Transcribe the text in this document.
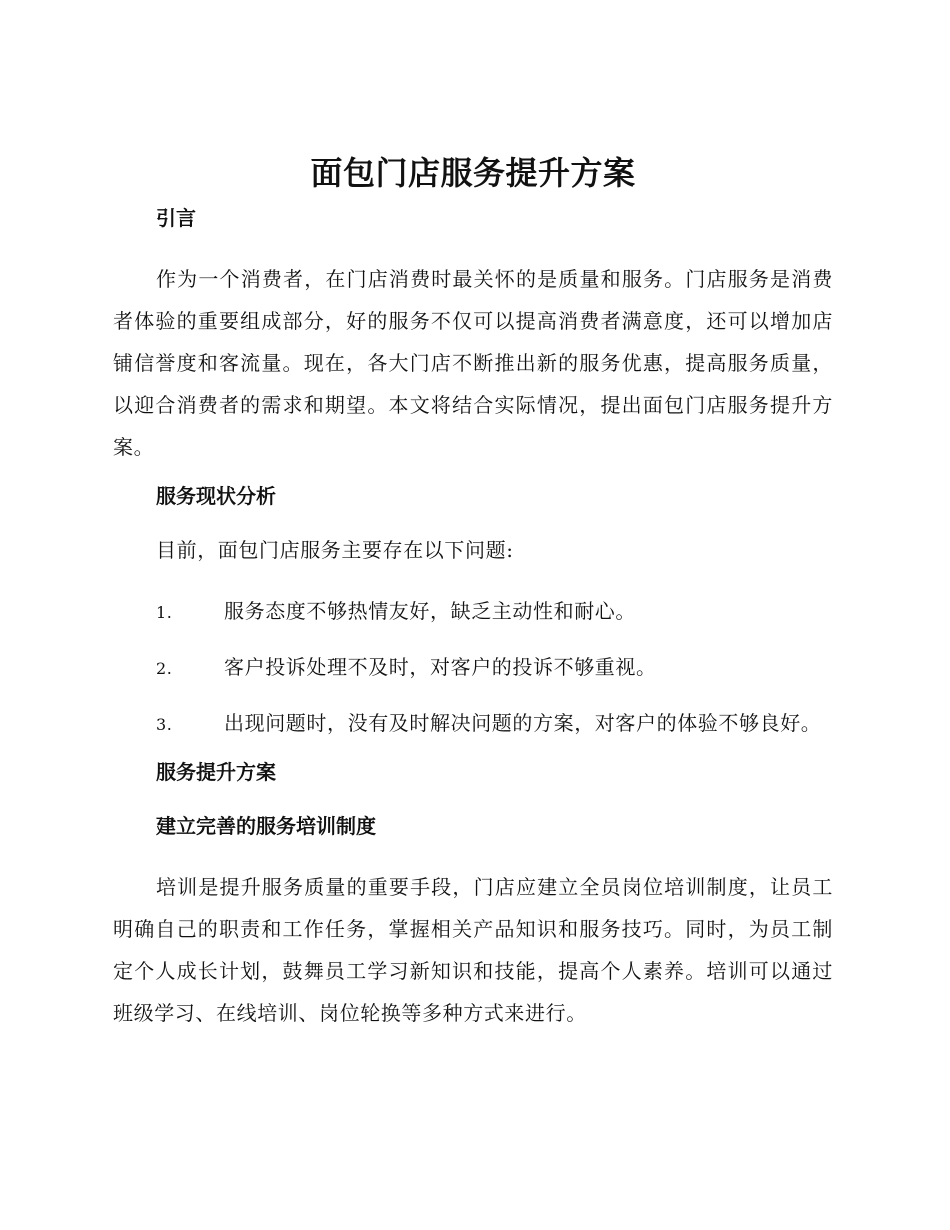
面包门店服务提升方案
引言

作为一个消费者，在门店消费时最关怀的是质量和服务。门店服务是消费者体验的重要组成部分，好的服务不仅可以提高消费者满意度，还可以增加店铺信誉度和客流量。现在，各大门店不断推出新的服务优惠，提高服务质量，以迎合消费者的需求和期望。本文将结合实际情况，提出面包门店服务提升方案。

服务现状分析
目前，面包门店服务主要存在以下问题:
1.	服务态度不够热情友好，缺乏主动性和耐心。
2.	客户投诉处理不及时，对客户的投诉不够重视。
3.	出现问题时，没有及时解决问题的方案，对客户的体验不够良好。
服务提升方案
建立完善的服务培训制度

培训是提升服务质量的重要手段，门店应建立全员岗位培训制度，让员工明确自己的职责和工作任务，掌握相关产品知识和服务技巧。同时，为员工制定个人成长计划，鼓舞员工学习新知识和技能，提高个人素养。培训可以通过班级学习、在线培训、岗位轮换等多种方式来进行。
